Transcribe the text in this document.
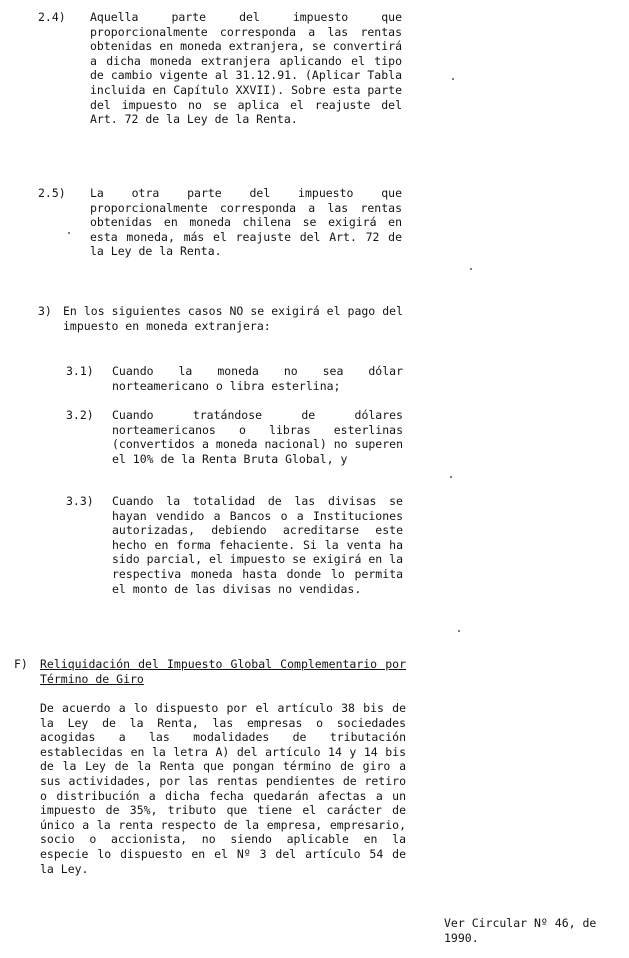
2.4) Aquella parte del impuesto que proporcionalmente corresponda a las rentas obtenidas en moneda extranjera, se convertirá a dicha moneda extranjera aplicando el tipo de cambio vigente al 31.12.91. (Aplicar Tabla incluida en Capítulo XXVII). Sobre esta parte del impuesto no se aplica el reajuste del Art. 72 de la Ley de la Renta.

2.5) La otra parte del impuesto que proporcionalmente corresponda a las rentas obtenidas en moneda chilena se exigirá en esta moneda, más el reajuste del Art. 72 de la Ley de la Renta.

3) En los siguientes casos NO se exigirá el pago del impuesto en moneda extranjera:

3.1) Cuando la moneda no sea dólar norteamericano o libra esterlina;

3.2) Cuando tratándose de dólares norteamericanos o libras esterlinas (convertidos a moneda nacional) no superen el 10% de la Renta Bruta Global, y

3.3) Cuando la totalidad de las divisas se hayan vendido a Bancos o a Instituciones autorizadas, debiendo acreditarse este hecho en forma fehaciente. Si la venta ha sido parcial, el impuesto se exigirá en la respectiva moneda hasta donde lo permita el monto de las divisas no vendidas.

F) Reliquidación del Impuesto Global Complementario por Término de Giro

De acuerdo a lo dispuesto por el artículo 38 bis de la Ley de la Renta, las empresas o sociedades acogidas a las modalidades de tributación establecidas en la letra A) del artículo 14 y 14 bis de la Ley de la Renta que pongan término de giro a sus actividades, por las rentas pendientes de retiro o distribución a dicha fecha quedarán afectas a un impuesto de 35%, tributo que tiene el carácter de único a la renta respecto de la empresa, empresario, socio o accionista, no siendo aplicable en la especie lo dispuesto en el Nº 3 del artículo 54 de la Ley.

Ver Circular Nº 46, de 1990.
